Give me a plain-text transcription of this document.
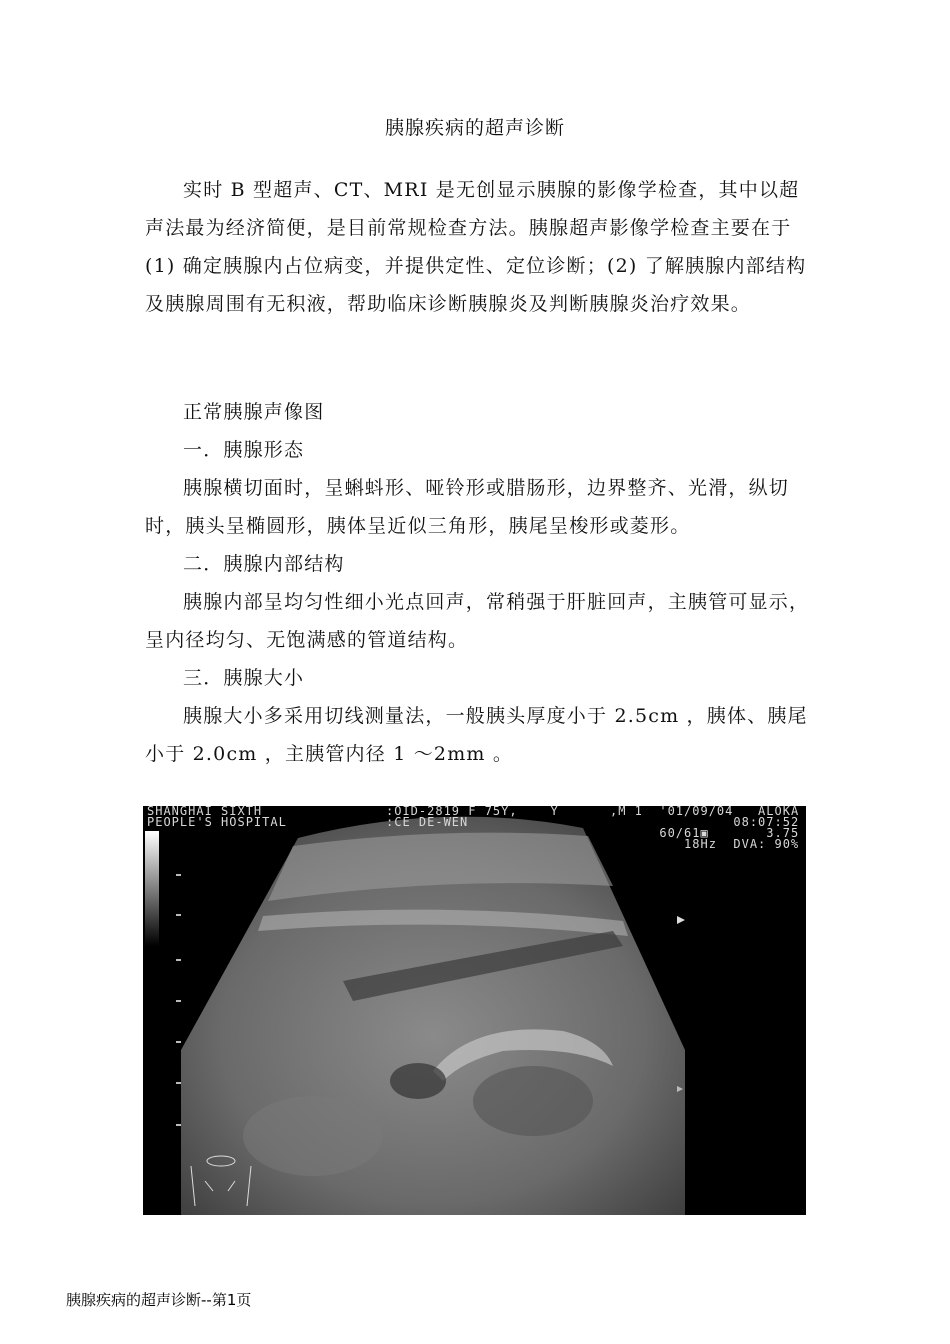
胰腺疾病的超声诊断

实时 B 型超声、CT、MRI 是无创显示胰腺的影像学检查，其中以超声法最为经济简便，是目前常规检查方法。胰腺超声影像学检查主要在于(1) 确定胰腺内占位病变，并提供定性、定位诊断；(2) 了解胰腺内部结构及胰腺周围有无积液，帮助临床诊断胰腺炎及判断胰腺炎治疗效果。

正常胰腺声像图

一．胰腺形态

胰腺横切面时，呈蝌蚪形、哑铃形或腊肠形，边界整齐、光滑，纵切时，胰头呈椭圆形，胰体呈近似三角形，胰尾呈梭形或菱形。

二．胰腺内部结构

胰腺内部呈均匀性细小光点回声，常稍强于肝脏回声，主胰管可显示，呈内径均匀、无饱满感的管道结构。

三．胰腺大小

胰腺大小多采用切线测量法，一般胰头厚度小于 2.5cm ，胰体、胰尾小于 2.0cm ，主胰管内径 1 ～2mm 。

SHANGHAI SIXTH
PEOPLE'S HOSPITAL
:OID-2819 F 75Y,    Y
:CE DE-WEN
,M 1  '01/09/04   ALOKA
08:07:52
60/61▣       3.75
18Hz  DVA: 90%
胰腺疾病的超声诊断--第1页
